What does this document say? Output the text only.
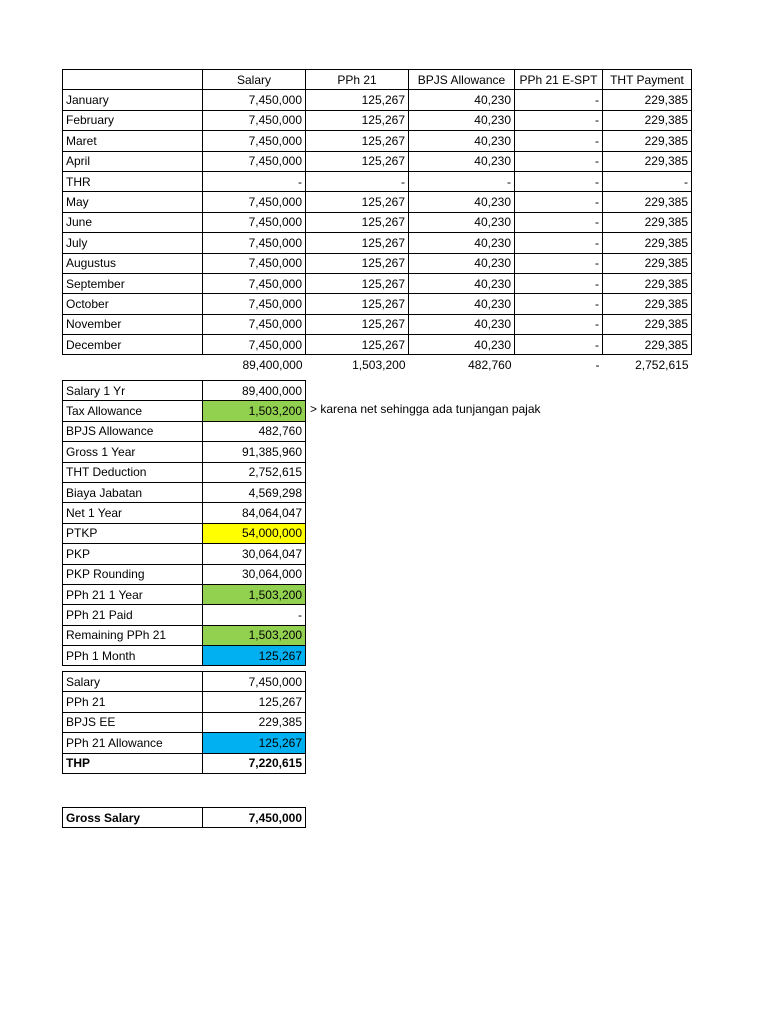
	Salary	PPh 21	BPJS Allowance	PPh 21 E-SPT	THT Payment
January	7,450,000	125,267	40,230	-	229,385
February	7,450,000	125,267	40,230	-	229,385
Maret	7,450,000	125,267	40,230	-	229,385
April	7,450,000	125,267	40,230	-	229,385
THR	-	-	-	-	-
May	7,450,000	125,267	40,230	-	229,385
June	7,450,000	125,267	40,230	-	229,385
July	7,450,000	125,267	40,230	-	229,385
Augustus	7,450,000	125,267	40,230	-	229,385
September	7,450,000	125,267	40,230	-	229,385
October	7,450,000	125,267	40,230	-	229,385
November	7,450,000	125,267	40,230	-	229,385
December	7,450,000	125,267	40,230	-	229,385
	89,400,000	1,503,200	482,760	-	2,752,615
Salary 1 Yr	89,400,000
Tax Allowance	1,503,200
BPJS Allowance	482,760
Gross 1 Year	91,385,960
THT Deduction	2,752,615
Biaya Jabatan	4,569,298
Net 1 Year	84,064,047
PTKP	54,000,000
PKP	30,064,047
PKP Rounding	30,064,000
PPh 21 1 Year	1,503,200
PPh 21 Paid	-
Remaining PPh 21	1,503,200
PPh 1 Month	125,267
> karena net sehingga ada tunjangan pajak
Salary	7,450,000
PPh 21	125,267
BPJS EE	229,385
PPh 21 Allowance	125,267
THP	7,220,615
Gross Salary	7,450,000
